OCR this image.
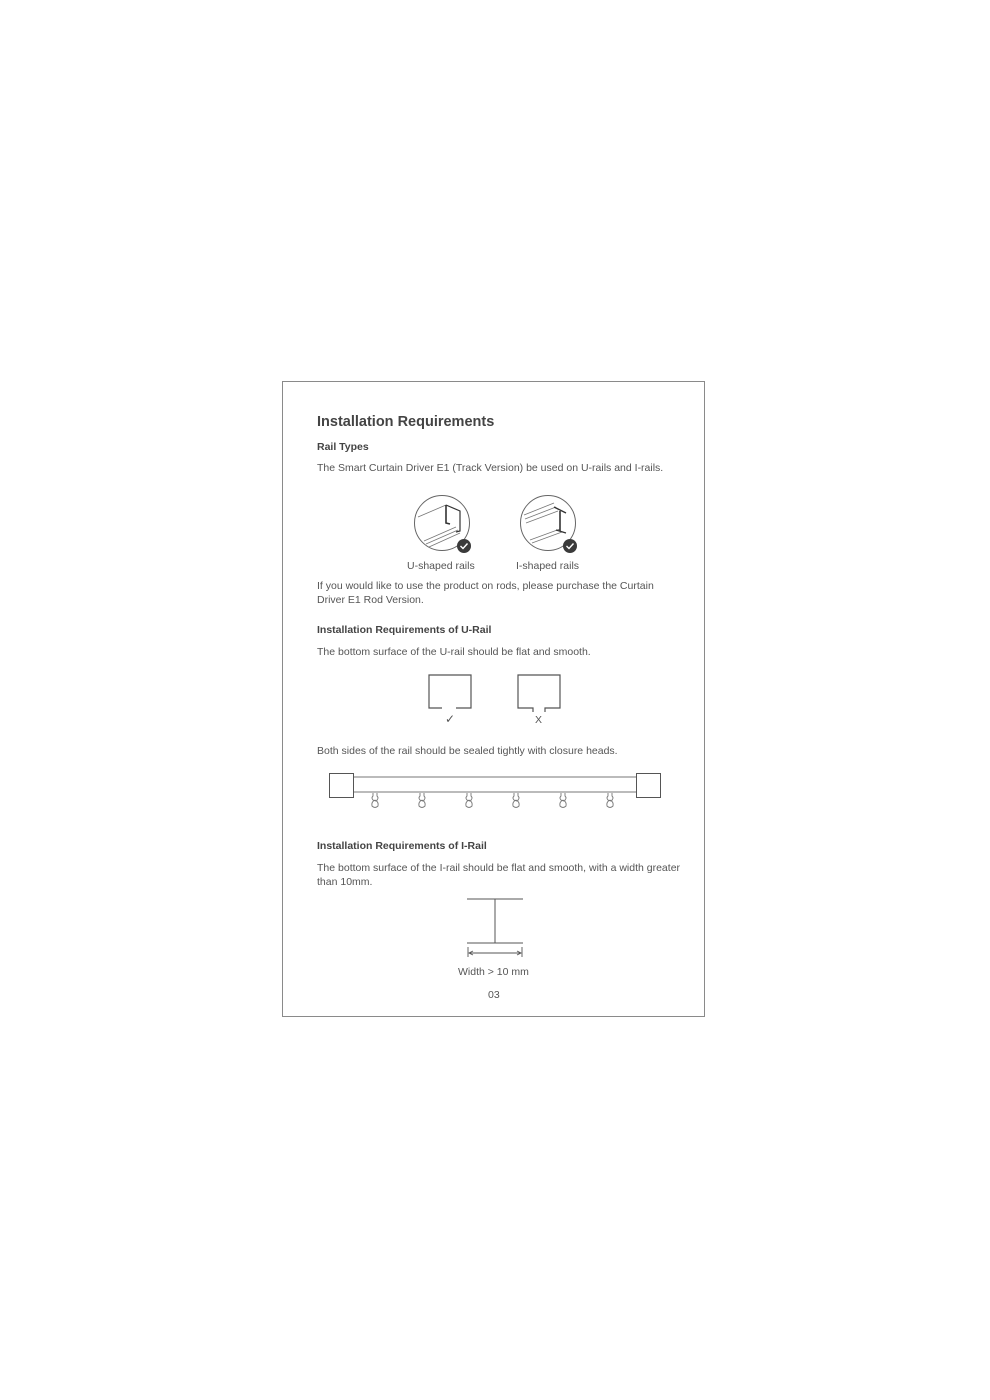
Installation Requirements
Rail Types
The Smart Curtain Driver E1 (Track Version) be used on U-rails and I-rails.
U-shaped rails	I-shaped rails
If you would like to use the product on rods, please purchase the Curtain Driver E1 Rod Version.
Installation Requirements of U-Rail
The bottom surface of the U-rail should be flat and smooth.
✓	X
Both sides of the rail should be sealed tightly with closure heads.
Installation Requirements of I-Rail
The bottom surface of the I-rail should be flat and smooth, with a width greater than 10mm.
Width > 10 mm
03
